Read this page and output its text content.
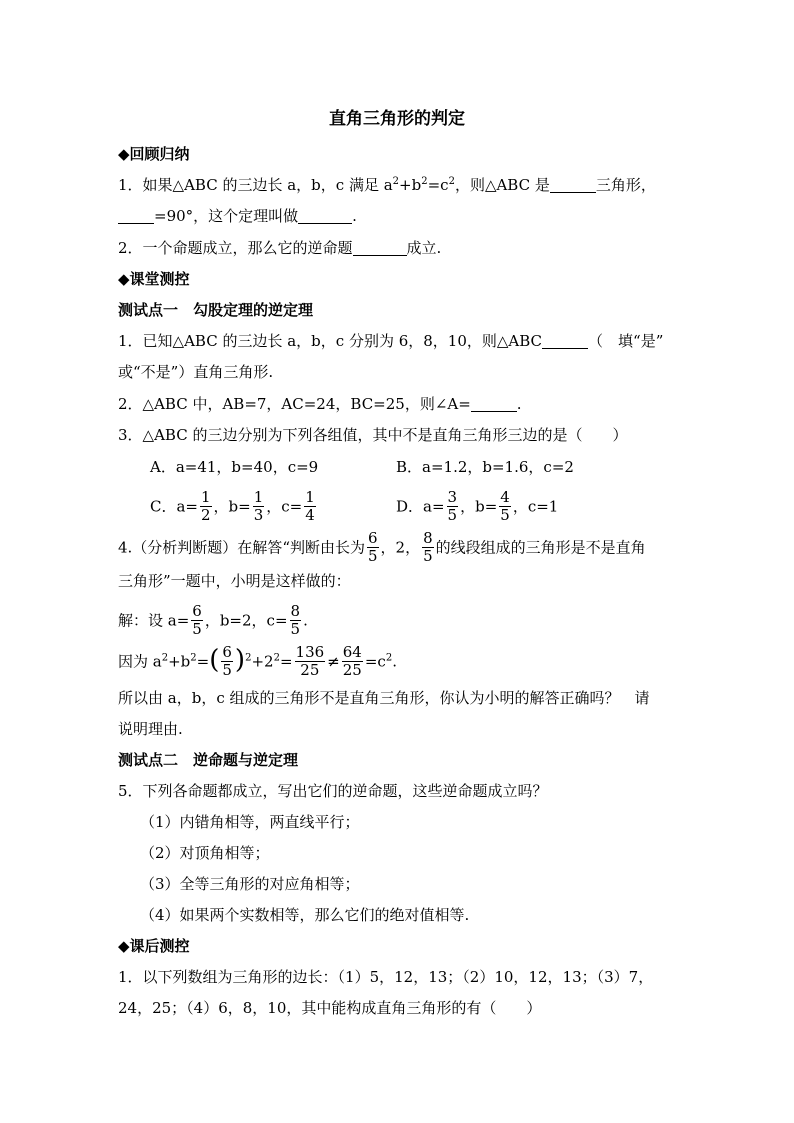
直角三角形的判定
◆回顾归纳
1．如果△ABC 的三边长 a，b，c 满足 $a^2+b^2=c^2$，则△ABC 是	三角形，
=90°，这个定理叫做	.
2．一个命题成立，那么它的逆命题	成立.
◆课堂测控
测试点一　勾股定理的逆定理
1．已知△ABC 的三边长 a，b，c 分别为 6，8，10，则△ABC	（　填“是”
或“不是”）直角三角形.
2．△ABC 中，AB=7，AC=24，BC=25，则∠A=	.
3．△ABC 的三边分别为下列各组值，其中不是直角三角形三边的是（　　）
A．a=41，b=40，c=9	B．a=1.2，b=1.6，c=2
C．$a= \frac{1}{2}$ ，$b= \frac{1}{3}$ ，$c= \frac{1}{4}$	D．$a= \frac{3}{5}$ ，$b= \frac{4}{5}$ ，c=1
4.（分析判断题）在解答“判断由长为 $\frac{6}{5}$ ，2， $\frac{8}{5}$ 的线段组成的三角形是不是直角
三角形”一题中，小明是这样做的：
解：设 $a= \frac{6}{5}$ ，b=2，$c= \frac{8}{5}$ .
因为 $a^2+b^2=( \frac{6}{5} )^2+2^2= \frac{136}{25} \ne \frac{64}{25} =c^2$.
所以由 a，b，c 组成的三角形不是直角三角形，你认为小明的解答正确吗？　请
说明理由.
测试点二　逆命题与逆定理
5．下列各命题都成立，写出它们的逆命题，这些逆命题成立吗？
（1）内错角相等，两直线平行；
（2）对顶角相等；
（3）全等三角形的对应角相等；
（4）如果两个实数相等，那么它们的绝对值相等.
◆课后测控
1．以下列数组为三角形的边长：（1）5，12，13；（2）10，12，13；（3）7，
24，25；（4）6，8，10，其中能构成直角三角形的有（　　）
